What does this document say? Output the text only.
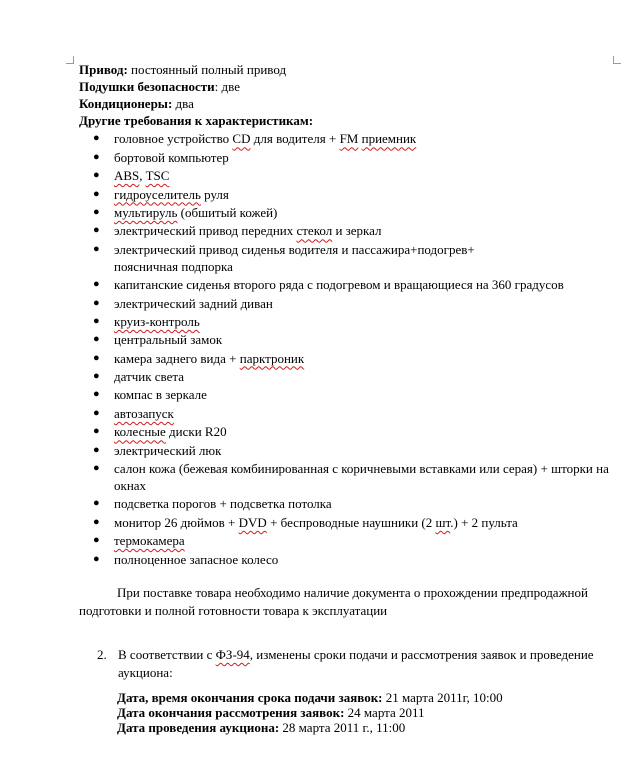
Привод: постоянный полный привод
Подушки безопасности: две
Кондиционеры: два
Другие требования к характеристикам:
● головное устройство CD для водителя + FM приемник
● бортовой компьютер
● ABS, TSC
● гидроуселитель руля
● мультируль (обшитый кожей)
● электрический привод передних стекол и зеркал
● электрический привод сиденья водителя и пассажира+подогрев+
поясничная подпорка
● капитанские сиденья второго ряда с подогревом и вращающиеся на 360 градусов
● электрический задний диван
● круиз-контроль
● центральный замок
● камера заднего вида + парктроник
● датчик света
● компас в зеркале
● автозапуск
● колесные диски R20
● электрический люк
● салон кожа (бежевая комбинированная с коричневыми вставками или серая) + шторки на
окнах
● подсветка порогов + подсветка потолка
● монитор 26 дюймов + DVD + беспроводные наушники (2 шт.) + 2 пульта
● термокамера
● полноценное запасное колесо
При поставке товара необходимо наличие документа о прохождении предпродажной подготовки и полной готовности товара к эксплуатации
2. В соответствии с ФЗ-94, изменены сроки подачи и рассмотрения заявок и проведение аукциона:
Дата, время окончания срока подачи заявок: 21 марта 2011г, 10:00
Дата окончания рассмотрения заявок: 24 марта 2011
Дата проведения аукциона: 28 марта 2011 г., 11:00
